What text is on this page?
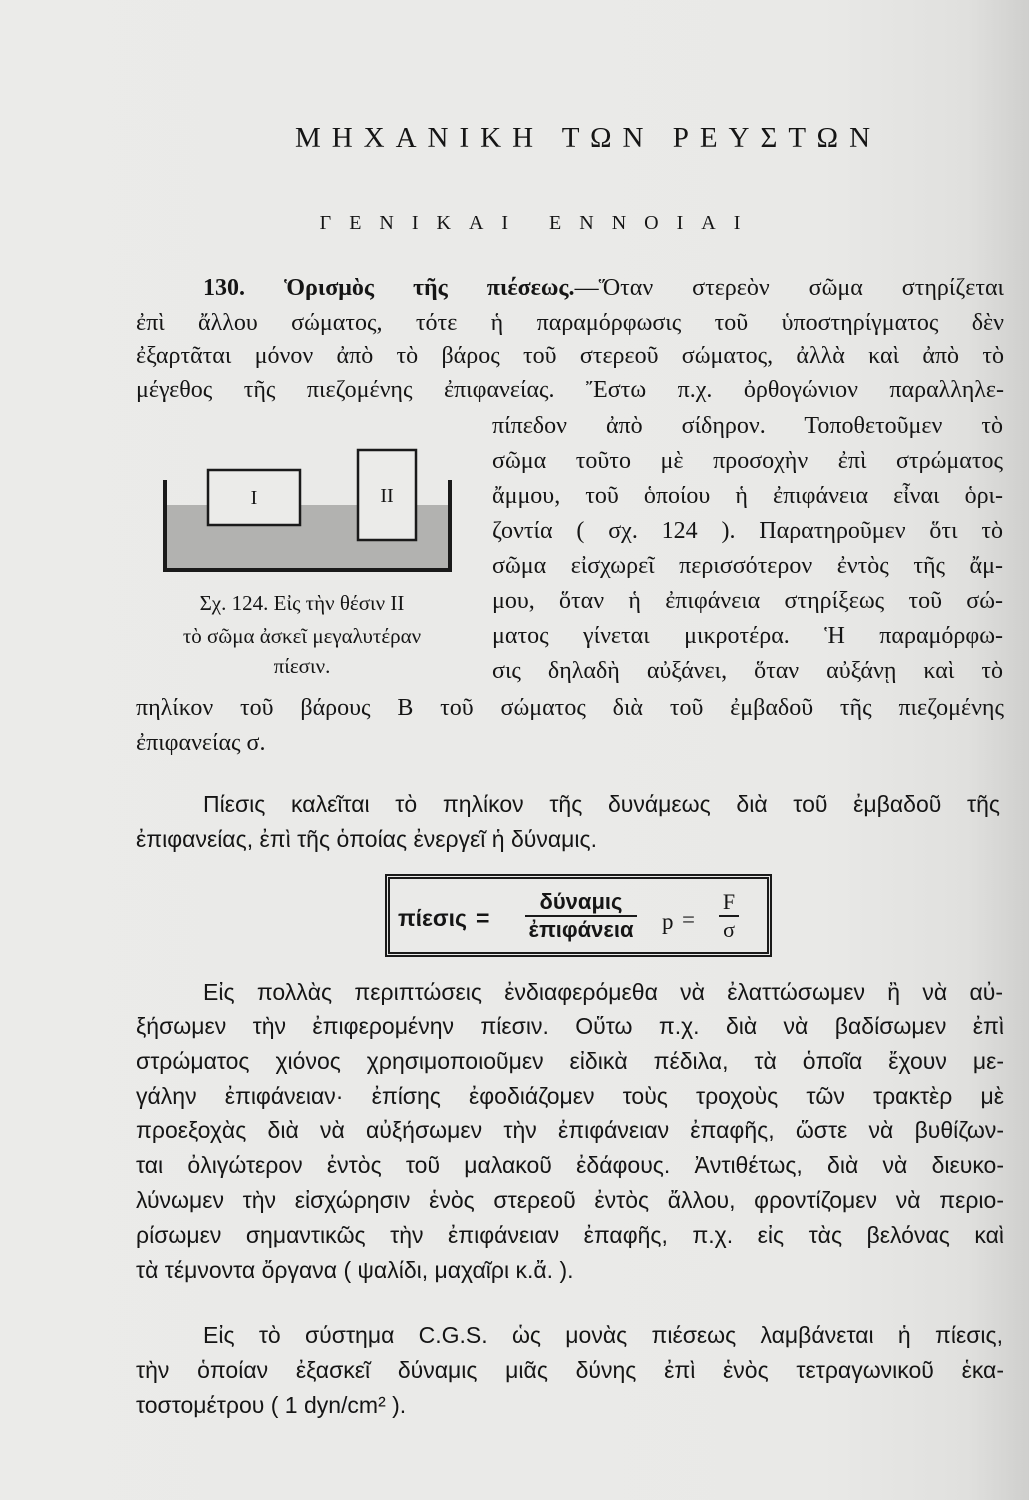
ΜΗΧΑΝΙΚΗ ΤΩΝ ΡΕΥΣΤΩΝ
ΓΕΝΙΚΑΙ ΕΝΝΟΙΑΙ
130. Ὁρισμὸς τῆς πιέσεως.—Ὅταν στερεὸν σῶμα στηρίζεται
ἐπὶ ἄλλου σώματος, τότε ἡ παραμόρφωσις τοῦ ὑποστηρίγματος δὲν
ἐξαρτᾶται μόνον ἀπὸ τὸ βάρος τοῦ στερεοῦ σώματος, ἀλλὰ καὶ ἀπὸ τὸ
μέγεθος τῆς πιεζομένης ἐπιφανείας. Ἔστω π.χ. ὀρθογώνιον παραλληλε-
πίπεδον ἀπὸ σίδηρον. Τοποθετοῦμεν τὸ
σῶμα τοῦτο μὲ προσοχὴν ἐπὶ στρώματος
ἄμμου, τοῦ ὁποίου ἡ ἐπιφάνεια εἶναι ὁρι-
ζοντία ( σχ. 124 ). Παρατηροῦμεν ὅτι τὸ
σῶμα εἰσχωρεῖ περισσότερον ἐντὸς τῆς ἄμ-
μου, ὅταν ἡ ἐπιφάνεια στηρίξεως τοῦ σώ-
ματος γίνεται μικροτέρα. Ἡ παραμόρφω-
σις δηλαδὴ αὐξάνει, ὅταν αὐξάνῃ καὶ τὸ
πηλίκον τοῦ βάρους Β τοῦ σώματος διὰ τοῦ ἐμβαδοῦ τῆς πιεζομένης
ἐπιφανείας σ.
I	II
Σχ. 124. Εἰς τὴν θέσιν II
τὸ σῶμα ἀσκεῖ μεγαλυτέραν
πίεσιν.
Πίεσις καλεῖται τὸ πηλίκον τῆς δυνάμεως διὰ τοῦ ἐμβαδοῦ τῆς
ἐπιφανείας, ἐπὶ τῆς ὁποίας ἐνεργεῖ ἡ δύναμις.
πίεσις =
δύναμις
ἐπιφάνεια $p = \frac{F}{\sigma}$
Εἰς πολλὰς περιπτώσεις ἐνδιαφερόμεθα νὰ ἐλαττώσωμεν ἢ νὰ αὐ-
ξήσωμεν τὴν ἐπιφερομένην πίεσιν. Οὕτω π.χ. διὰ νὰ βαδίσωμεν ἐπὶ
στρώματος χιόνος χρησιμοποιοῦμεν εἰδικὰ πέδιλα, τὰ ὁποῖα ἔχουν με-
γάλην ἐπιφάνειαν· ἐπίσης ἐφοδιάζομεν τοὺς τροχοὺς τῶν τρακτὲρ μὲ
προεξοχὰς διὰ νὰ αὐξήσωμεν τὴν ἐπιφάνειαν ἐπαφῆς, ὥστε νὰ βυθίζων-
ται ὀλιγώτερον ἐντὸς τοῦ μαλακοῦ ἐδάφους. Ἀντιθέτως, διὰ νὰ διευκο-
λύνωμεν τὴν εἰσχώρησιν ἑνὸς στερεοῦ ἐντὸς ἄλλου, φροντίζομεν νὰ περιο-
ρίσωμεν σημαντικῶς τὴν ἐπιφάνειαν ἐπαφῆς, π.χ. εἰς τὰς βελόνας καὶ
τὰ τέμνοντα ὄργανα ( ψαλίδι, μαχαῖρι κ.ἄ. ).
Εἰς τὸ σύστημα C.G.S. ὡς μονὰς πιέσεως λαμβάνεται ἡ πίεσις,
τὴν ὁποίαν ἐξασκεῖ δύναμις μιᾶς δύνης ἐπὶ ἑνὸς τετραγωνικοῦ ἑκα-
τοστομέτρου ( 1 dyn/cm² ).
